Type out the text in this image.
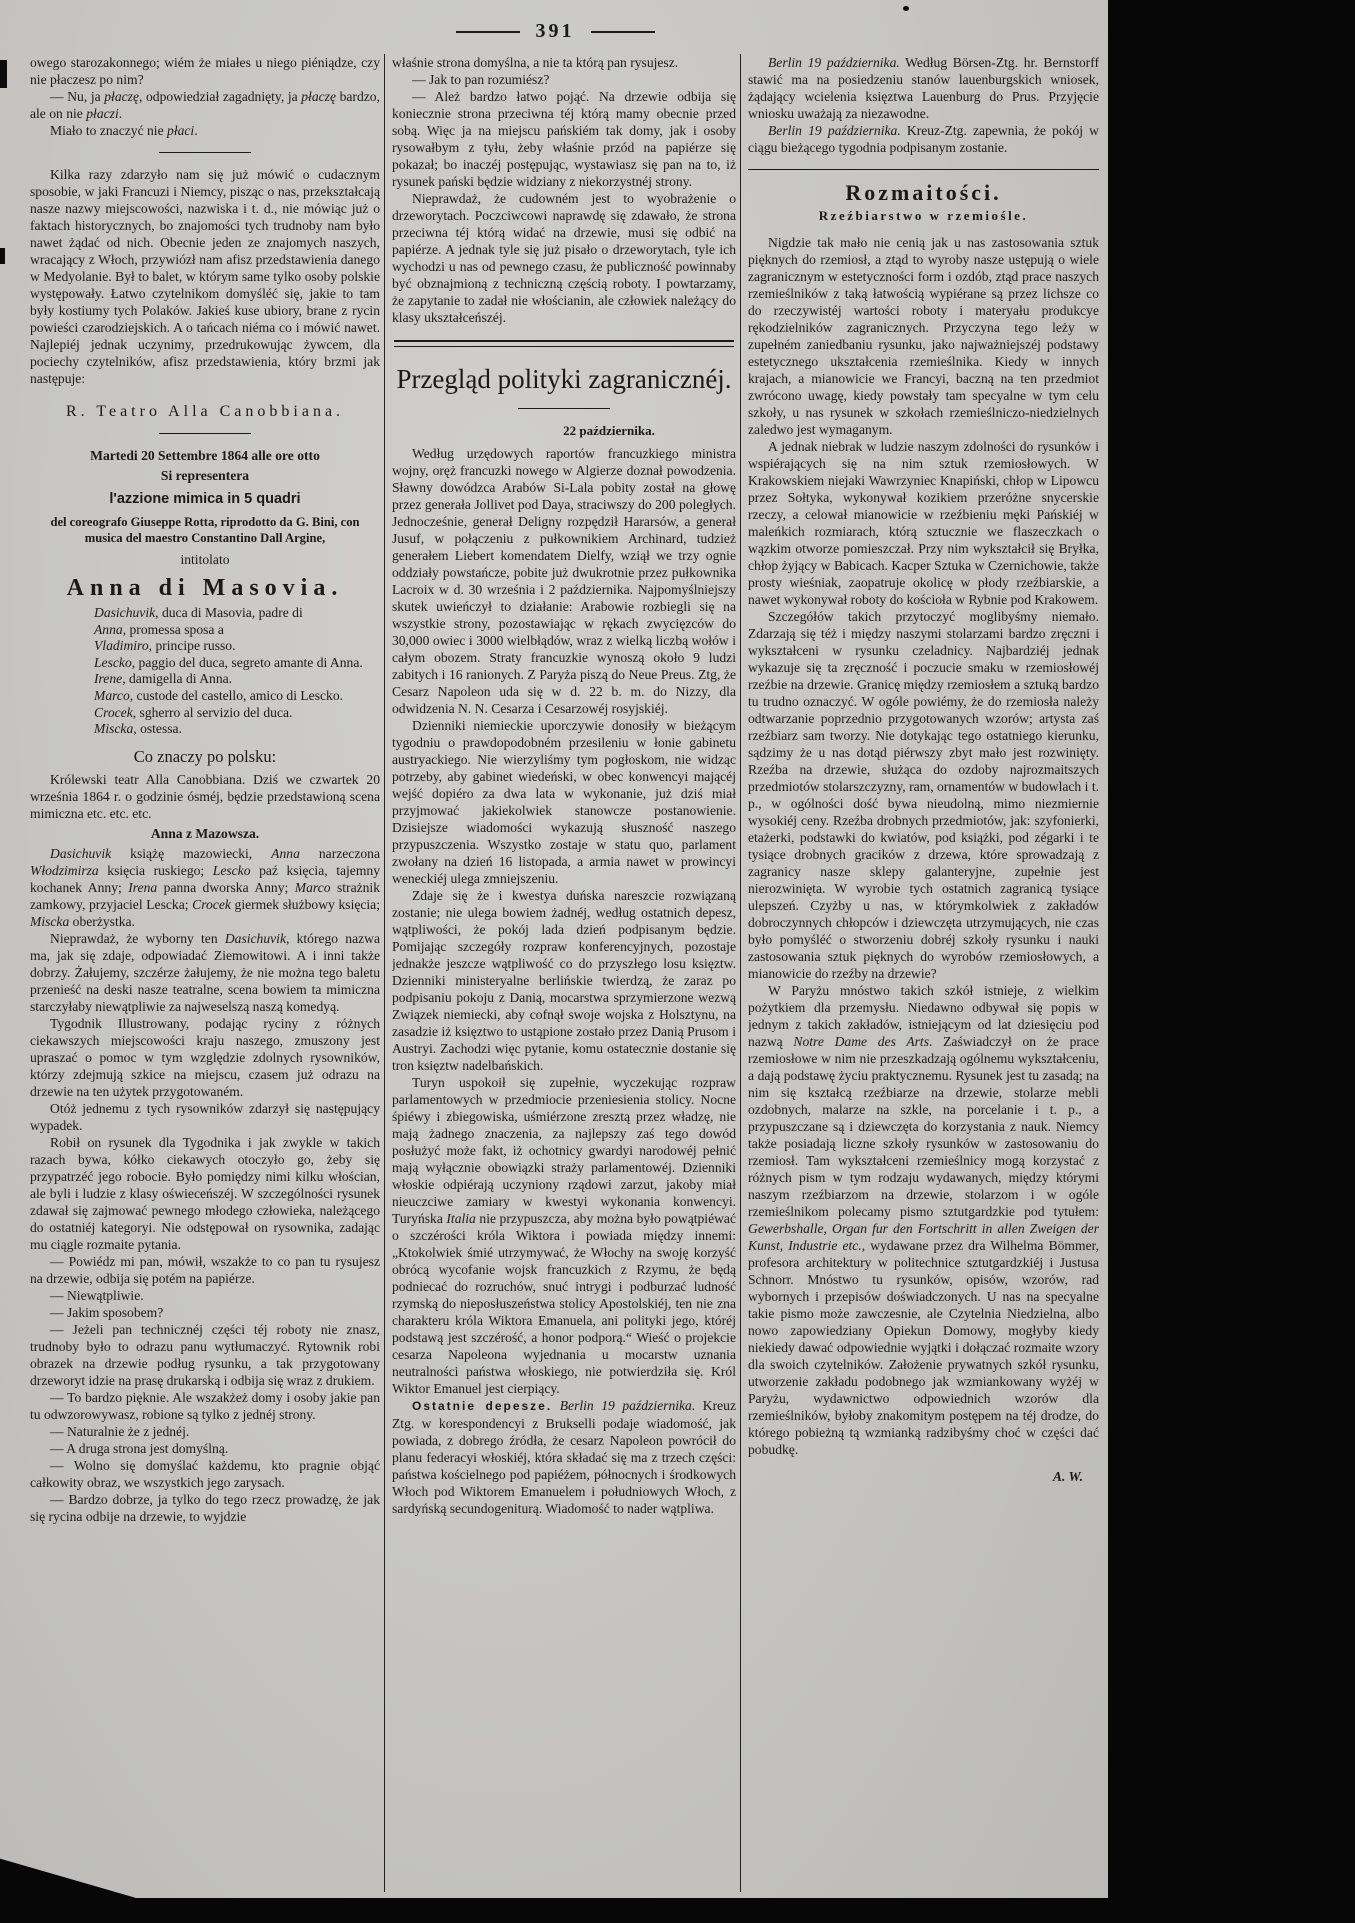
391
owego starozakonnego; wiém że miałes u niego piéniądze, czy nie płaczesz po nim?
— Nu, ja płaczę, odpowiedział zagadnięty, ja płaczę bardzo, ale on nie płaczi.
Miało to znaczyć nie płaci.
Kilka razy zdarzyło nam się już mówić o cudacznym sposobie, w jaki Francuzi i Niemcy, pisząc o nas, przekształcają nasze nazwy miejscowości, nazwiska i t. d., nie mówiąc już o faktach historycznych, bo znajomości tych trudnoby nam było nawet żądać od nich. Obecnie jeden ze znajomych naszych, wracający z Włoch, przywiózł nam afisz przedstawienia danego w Medyolanie. Był to balet, w którym same tylko osoby polskie występowały. Łatwo czytelnikom domyśléć się, jakie to tam były kostiumy tych Polaków. Jakieś kuse ubiory, brane z rycin powieści czarodziejskich. A o tańcach niéma co i mówić nawet. Najlepiéj jednak uczynimy, przedrukowując żywcem, dla pociechy czytelników, afisz przedstawienia, który brzmi jak następuje:
R. Teatro Alla Canobbiana.
Martedi 20 Settembre 1864 alle ore otto
Si representera
l'azzione mimica in 5 quadri
del coreografo Giuseppe Rotta, riprodotto da G. Bini, con musica del maestro Constantino Dall Argine,
intitolato
Anna di Masovia.
Dasichuvik, duca di Masovia, padre di
Anna, promessa sposa a
Vladimiro, principe russo.
Lescko, paggio del duca, segreto amante di Anna.
Irene, damigella di Anna.
Marco, custode del castello, amico di Lescko.
Crocek, sgherro al servizio del duca.
Miscka, ostessa.
Co znaczy po polsku:
Królewski teatr Alla Canobbiana. Dziś we czwartek 20 września 1864 r. o godzinie ósméj, będzie przedstawioną scena mimiczna etc. etc. etc.
Anna z Mazowsza.
Dasichuvik książę mazowiecki, Anna narzeczona Włodzimirza księcia ruskiego; Lescko paź księcia, tajemny kochanek Anny; Irena panna dworska Anny; Marco strażnik zamkowy, przyjaciel Lescka; Crocek giermek służbowy księcia; Miscka oberżystka.
Nieprawdaż, że wyborny ten Dasichuvik, którego nazwa ma, jak się zdaje, odpowiadać Ziemowitowi. A i inni także dobrzy. Żałujemy, szczérze żałujemy, że nie można tego baletu przenieść na deski nasze teatralne, scena bowiem ta mimiczna starczyłaby niewątpliwie za najweselszą naszą komedyą.
Tygodnik Illustrowany, podając ryciny z różnych ciekawszych miejscowości kraju naszego, zmuszony jest upraszać o pomoc w tym względzie zdolnych rysowników, którzy zdejmują szkice na miejscu, czasem już odrazu na drzewie na ten użytek przygotowaném.
Otóż jednemu z tych rysowników zdarzył się następujący wypadek.
Robił on rysunek dla Tygodnika i jak zwykle w takich razach bywa, kółko ciekawych otoczyło go, żeby się przypatrzéć jego robocie. Było pomiędzy nimi kilku włościan, ale byli i ludzie z klasy oświeceńszéj. W szczególności rysunek zdawał się zajmować pewnego młodego człowieka, należącego do ostatniéj kategoryi. Nie odstępował on rysownika, zadając mu ciągle rozmaite pytania.
— Powiédz mi pan, mówił, wszakże to co pan tu rysujesz na drzewie, odbija się potém na papiérze.
— Niewątpliwie.
— Jakim sposobem?
— Jeżeli pan technicznéj części téj roboty nie znasz, trudnoby było to odrazu panu wytłumaczyć. Rytownik robi obrazek na drzewie podług rysunku, a tak przygotowany drzeworyt idzie na prasę drukarską i odbija się wraz z drukiem.
— To bardzo pięknie. Ale wszakżeż domy i osoby jakie pan tu odwzorowywasz, robione są tylko z jednéj strony.
— Naturalnie że z jednéj.
— A druga strona jest domyślną.
— Wolno się domyślać każdemu, kto pragnie objąć całkowity obraz, we wszystkich jego zarysach.
— Bardzo dobrze, ja tylko do tego rzecz prowadzę, że jak się rycina odbije na drzewie, to wyjdzie
właśnie strona domyślna, a nie ta którą pan rysujesz.
— Jak to pan rozumiész?
— Ależ bardzo łatwo pojąć. Na drzewie odbija się koniecznie strona przeciwna téj którą mamy obecnie przed sobą. Więc ja na miejscu pańskiém tak domy, jak i osoby rysowałbym z tyłu, żeby właśnie przód na papiérze się pokazał; bo inaczéj postępując, wystawiasz się pan na to, iż rysunek pański będzie widziany z niekorzystnéj strony.
Nieprawdaż, że cudowném jest to wyobrażenie o drzeworytach. Poczciwcowi naprawdę się zdawało, że strona przeciwna téj którą widać na drzewie, musi się odbić na papiérze. A jednak tyle się już pisało o drzeworytach, tyle ich wychodzi u nas od pewnego czasu, że publiczność powinnaby być obznajmioną z techniczną częścią roboty. I powtarzamy, że zapytanie to zadał nie włościanin, ale człowiek należący do klasy ukształceńszéj.
Przegląd polityki zagranicznéj.
22 października.
Według urzędowych raportów francuzkiego ministra wojny, oręż francuzki nowego w Algierze doznał powodzenia. Sławny dowódzca Arabów Si-Lala pobity został na głowę przez generała Jollivet pod Daya, straciwszy do 200 poległych. Jednocześnie, generał Deligny rozpędził Hararsów, a generał Jusuf, w połączeniu z pułkownikiem Archinard, tudzież generałem Liebert komendatem Dielfy, wziął we trzy ognie oddziały powstańcze, pobite już dwukrotnie przez pułkownika Lacroix w d. 30 września i 2 października. Najpomyślniejszy skutek uwieńczył to działanie: Arabowie rozbiegli się na wszystkie strony, pozostawiając w rękach zwycięzców do 30,000 owiec i 3000 wielbłądów, wraz z wielką liczbą wołów i całym obozem. Straty francuzkie wynoszą około 9 ludzi zabitych i 16 ranionych. Z Paryża piszą do Neue Preus. Ztg, że Cesarz Napoleon uda się w d. 22 b. m. do Nizzy, dla odwidzenia N. N. Cesarza i Cesarzowéj rosyjskiéj.
Dzienniki niemieckie uporczywie donosiły w bieżącym tygodniu o prawdopodobném przesileniu w łonie gabinetu austryackiego. Nie wierzyliśmy tym pogłoskom, nie widząc potrzeby, aby gabinet wiedeński, w obec konwencyi mającéj wejść dopiéro za dwa lata w wykonanie, już dziś miał przyjmować jakiekolwiek stanowcze postanowienie. Dzisiejsze wiadomości wykazują słuszność naszego przypuszczenia. Wszystko zostaje w statu quo, parlament zwołany na dzień 16 listopada, a armia nawet w prowincyi weneckiéj ulega zmniejszeniu.
Zdaje się że i kwestya duńska nareszcie rozwiązaną zostanie; nie ulega bowiem żadnéj, według ostatnich depesz, wątpliwości, że pokój lada dzień podpisanym będzie. Pomijając szczegóły rozpraw konferencyjnych, pozostaje jednakże jeszcze wątpliwość co do przyszłego losu księztw. Dzienniki ministeryalne berlińskie twierdzą, że zaraz po podpisaniu pokoju z Danią, mocarstwa sprzymierzone wezwą Związek niemiecki, aby cofnął swoje wojska z Holsztynu, na zasadzie iż księztwo to ustąpione zostało przez Danią Prusom i Austryi. Zachodzi więc pytanie, komu ostatecznie dostanie się tron księztw nadelbańskich.
Turyn uspokoił się zupełnie, wyczekując rozpraw parlamentowych w przedmiocie przeniesienia stolicy. Nocne śpiéwy i zbiegowiska, uśmiérzone zresztą przez władzę, nie mają żadnego znaczenia, za najlepszy zaś tego dowód posłużyć może fakt, iż ochotnicy gwardyi narodowéj pełnić mają wyłącznie obowiązki straży parlamentowéj. Dzienniki włoskie odpiérają uczyniony rządowi zarzut, jakoby miał nieuczciwe zamiary w kwestyi wykonania konwencyi. Turyńska Italia nie przypuszcza, aby można było powątpiéwać o szczérości króla Wiktora i powiada między innemi: „Ktokolwiek śmié utrzymywać, że Włochy na swoję korzyść obrócą wycofanie wojsk francuzkich z Rzymu, że będą podniecać do rozruchów, snuć intrygi i podburzać ludność rzymską do nieposłuszeństwa stolicy Apostolskiéj, ten nie zna charakteru króla Wiktora Emanuela, ani polityki jego, któréj podstawą jest szczérość, a honor podporą.“ Wieść o projekcie cesarza Napoleona wyjednania u mocarstw uznania neutralności państwa włoskiego, nie potwierdziła się. Król Wiktor Emanuel jest cierpiący.
Ostatnie depesze. Berlin 19 października. Kreuz Ztg. w korespondencyi z Brukselli podaje wiadomość, jak powiada, z dobrego źródła, że cesarz Napoleon powrócił do planu federacyi włoskiéj, która składać się ma z trzech części: państwa kościelnego pod papiéżem, północnych i środkowych Włoch pod Wiktorem Emanuelem i południowych Włoch, z sardyńską secundogeniturą. Wiadomość to nader wątpliwa.
Berlin 19 października. Według Börsen-Ztg. hr. Bernstorff stawić ma na posiedzeniu stanów lauenburgskich wniosek, żądający wcielenia księztwa Lauenburg do Prus. Przyjęcie wniosku uważają za niezawodne.
Berlin 19 października. Kreuz-Ztg. zapewnia, że pokój w ciągu bieżącego tygodnia podpisanym zostanie.
Rozmaitości.
Rzeźbiarstwo w rzemiośle.
Nigdzie tak mało nie cenią jak u nas zastosowania sztuk pięknych do rzemiosł, a ztąd to wyroby nasze ustępują o wiele zagranicznym w estetyczności form i ozdób, ztąd prace naszych rzemieślników z taką łatwością wypiérane są przez lichsze co do rzeczywistéj wartości roboty i materyału produkcye rękodzielników zagranicznych. Przyczyna tego leży w zupełném zaniedbaniu rysunku, jako najważniejszéj podstawy estetycznego ukształcenia rzemieślnika. Kiedy w innych krajach, a mianowicie we Francyi, baczną na ten przedmiot zwrócono uwagę, kiedy powstały tam specyalne w tym celu szkoły, u nas rysunek w szkołach rzemieślniczo-niedzielnych zaledwo jest wymaganym.
A jednak niebrak w ludzie naszym zdolności do rysunków i wspiérających się na nim sztuk rzemiosłowych. W Krakowskiem niejaki Wawrzyniec Knapiński, chłop w Lipowcu przez Sołtyka, wykonywał kozikiem przeróżne snycerskie rzeczy, a celował mianowicie w rzeźbieniu męki Pańskiéj w maleńkich rozmiarach, którą sztucznie we flaszeczkach o wązkim otworze pomieszczał. Przy nim wykształcił się Bryłka, chłop żyjący w Babicach. Kacper Sztuka w Czernichowie, także prosty wieśniak, zaopatruje okolicę w płody rzeźbiarskie, a nawet wykonywał roboty do kościoła w Rybnie pod Krakowem.
Szczegółów takich przytoczyć moglibyśmy niemało. Zdarzają się téż i między naszymi stolarzami bardzo zręczni i wykształceni w rysunku czeladnicy. Najbardziéj jednak wykazuje się ta zręczność i poczucie smaku w rzemiosłowéj rzeźbie na drzewie. Granicę między rzemiosłem a sztuką bardzo tu trudno oznaczyć. W ogóle powiémy, że do rzemiosła należy odtwarzanie poprzednio przygotowanych wzorów; artysta zaś rzeźbiarz sam tworzy. Nie dotykając tego ostatniego kierunku, sądzimy że u nas dotąd piérwszy zbyt mało jest rozwinięty. Rzeźba na drzewie, służąca do ozdoby najrozmaitszych przedmiotów stolarszczyzny, ram, ornamentów w budowlach i t. p., w ogólności dość bywa nieudolną, mimo niezmiernie wysokiéj ceny. Rzeźba drobnych przedmiotów, jak: szyfonierki, etażerki, podstawki do kwiatów, pod książki, pod zégarki i te tysiące drobnych gracików z drzewa, które sprowadzają z zagranicy nasze sklepy galanteryjne, zupełnie jest nierozwinięta. W wyrobie tych ostatnich zagranicą tysiące ulepszeń. Czyżby u nas, w którymkolwiek z zakładów dobroczynnych chłopców i dziewczęta utrzymujących, nie czas było pomyśléć o stworzeniu dobréj szkoły rysunku i nauki zastosowania sztuk pięknych do wyrobów rzemiosłowych, a mianowicie do rzeźby na drzewie?
W Paryżu mnóstwo takich szkół istnieje, z wielkim pożytkiem dla przemysłu. Niedawno odbywał się popis w jednym z takich zakładów, istniejącym od lat dziesięciu pod nazwą Notre Dame des Arts. Zaświadczył on że prace rzemiosłowe w nim nie przeszkadzają ogólnemu wykształceniu, a dają podstawę życiu praktycznemu. Rysunek jest tu zasadą; na nim się kształcą rzeźbiarze na drzewie, stolarze mebli ozdobnych, malarze na szkle, na porcelanie i t. p., a przypuszczane są i dziewczęta do korzystania z nauk. Niemcy także posiadają liczne szkoły rysunków w zastosowaniu do rzemiosł. Tam wykształceni rzemieślnicy mogą korzystać z różnych pism w tym rodzaju wydawanych, między którymi naszym rzeźbiarzom na drzewie, stolarzom i w ogóle rzemieślnikom polecamy pismo sztutgardzkie pod tytułem: Gewerbshalle, Organ fur den Fortschritt in allen Zweigen der Kunst, Industrie etc., wydawane przez dra Wilhelma Bömmer, profesora architektury w politechnice sztutgardzkiéj i Justusa Schnorr. Mnóstwo tu rysunków, opisów, wzorów, rad wybornych i przepisów doświadczonych. U nas na specyalne takie pismo może zawczesnie, ale Czytelnia Niedzielna, albo nowo zapowiedziany Opiekun Domowy, mogłyby kiedy niekiedy dawać odpowiednie wyjątki i dołączać rozmaite wzory dla swoich czytelników. Założenie prywatnych szkół rysunku, utworzenie zakładu podobnego jak wzmiankowany wyżéj w Paryżu, wydawnictwo odpowiednich wzorów dla rzemieślników, byłoby znakomitym postępem na téj drodze, do którego pobieżną tą wzmianką radzibyśmy choć w części dać pobudkę.
A. W.
